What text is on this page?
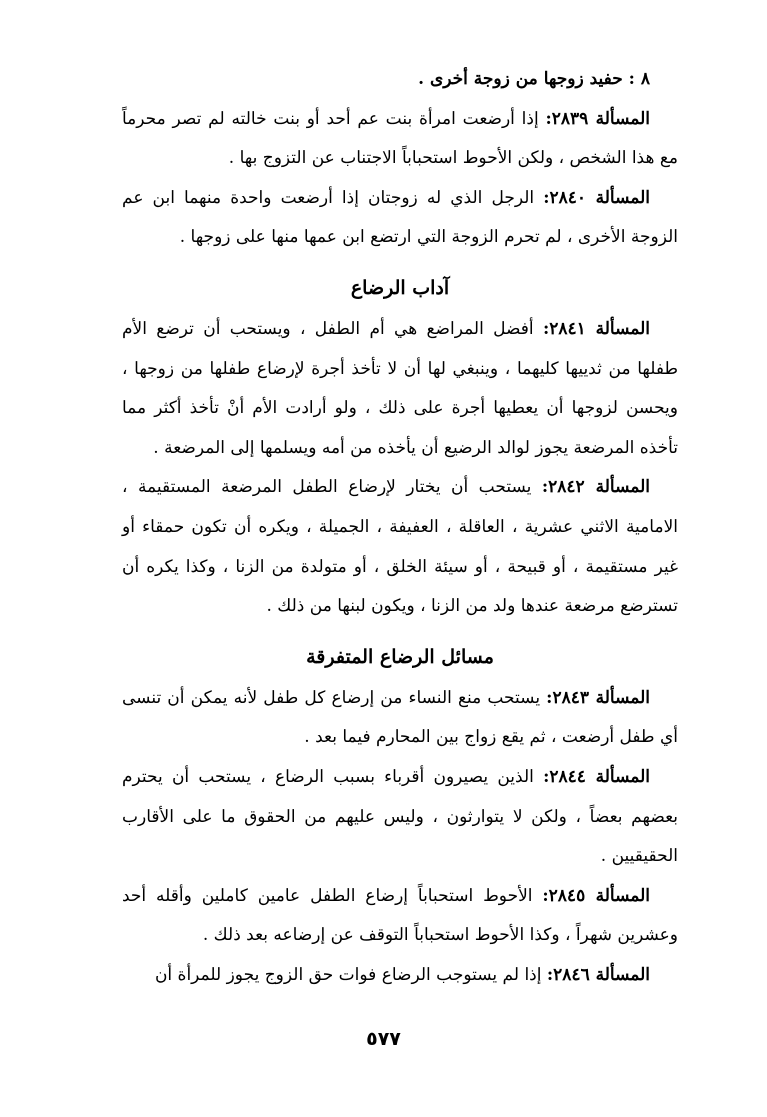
٨ : حفيد زوجها من زوجة أخرى .

المسألة ٢٨٣٩: إذا أرضعت امرأة بنت عم أحد أو بنت خالته لم تصر محرماً مع هذا الشخص ، ولكن الأحوط استحباباً الاجتناب عن التزوج بها .

المسألة ٢٨٤٠: الرجل الذي له زوجتان إذا أرضعت واحدة منهما ابن عم الزوجة الأخرى ، لم تحرم الزوجة التي ارتضع ابن عمها منها على زوجها .

آداب الرضاع

المسألة ٢٨٤١: أفضل المراضع هي أم الطفل ، ويستحب أن ترضع الأم طفلها من ثدييها كليهما ، وينبغي لها أن لا تأخذ أجرة لإرضاع طفلها من زوجها ، ويحسن لزوجها أن يعطيها أجرة على ذلك ، ولو أرادت الأم أنْ تأخذ أكثر مما تأخذه المرضعة يجوز لوالد الرضيع أن يأخذه من أمه ويسلمها إلى المرضعة .

المسألة ٢٨٤٢: يستحب أن يختار لإرضاع الطفل المرضعة المستقيمة ، الامامية الاثني عشرية ، العاقلة ، العفيفة ، الجميلة ، ويكره أن تكون حمقاء أو غير مستقيمة ، أو قبيحة ، أو سيئة الخلق ، أو متولدة من الزنا ، وكذا يكره أن تسترضع مرضعة عندها ولد من الزنا ، ويكون لبنها من ذلك .

مسائل الرضاع المتفرقة

المسألة ٢٨٤٣: يستحب منع النساء من إرضاع كل طفل لأنه يمكن أن تنسى أي طفل أرضعت ، ثم يقع زواج بين المحارم فيما بعد .

المسألة ٢٨٤٤: الذين يصيرون أقرباء بسبب الرضاع ، يستحب أن يحترم بعضهم بعضاً ، ولكن لا يتوارثون ، وليس عليهم من الحقوق ما على الأقارب الحقيقيين .

المسألة ٢٨٤٥: الأحوط استحباباً إرضاع الطفل عامين كاملين وأقله أحد وعشرين شهراً ، وكذا الأحوط استحباباً التوقف عن إرضاعه بعد ذلك .

المسألة ٢٨٤٦: إذا لم يستوجب الرضاع فوات حق الزوج يجوز للمرأة أن

٥٧٧
